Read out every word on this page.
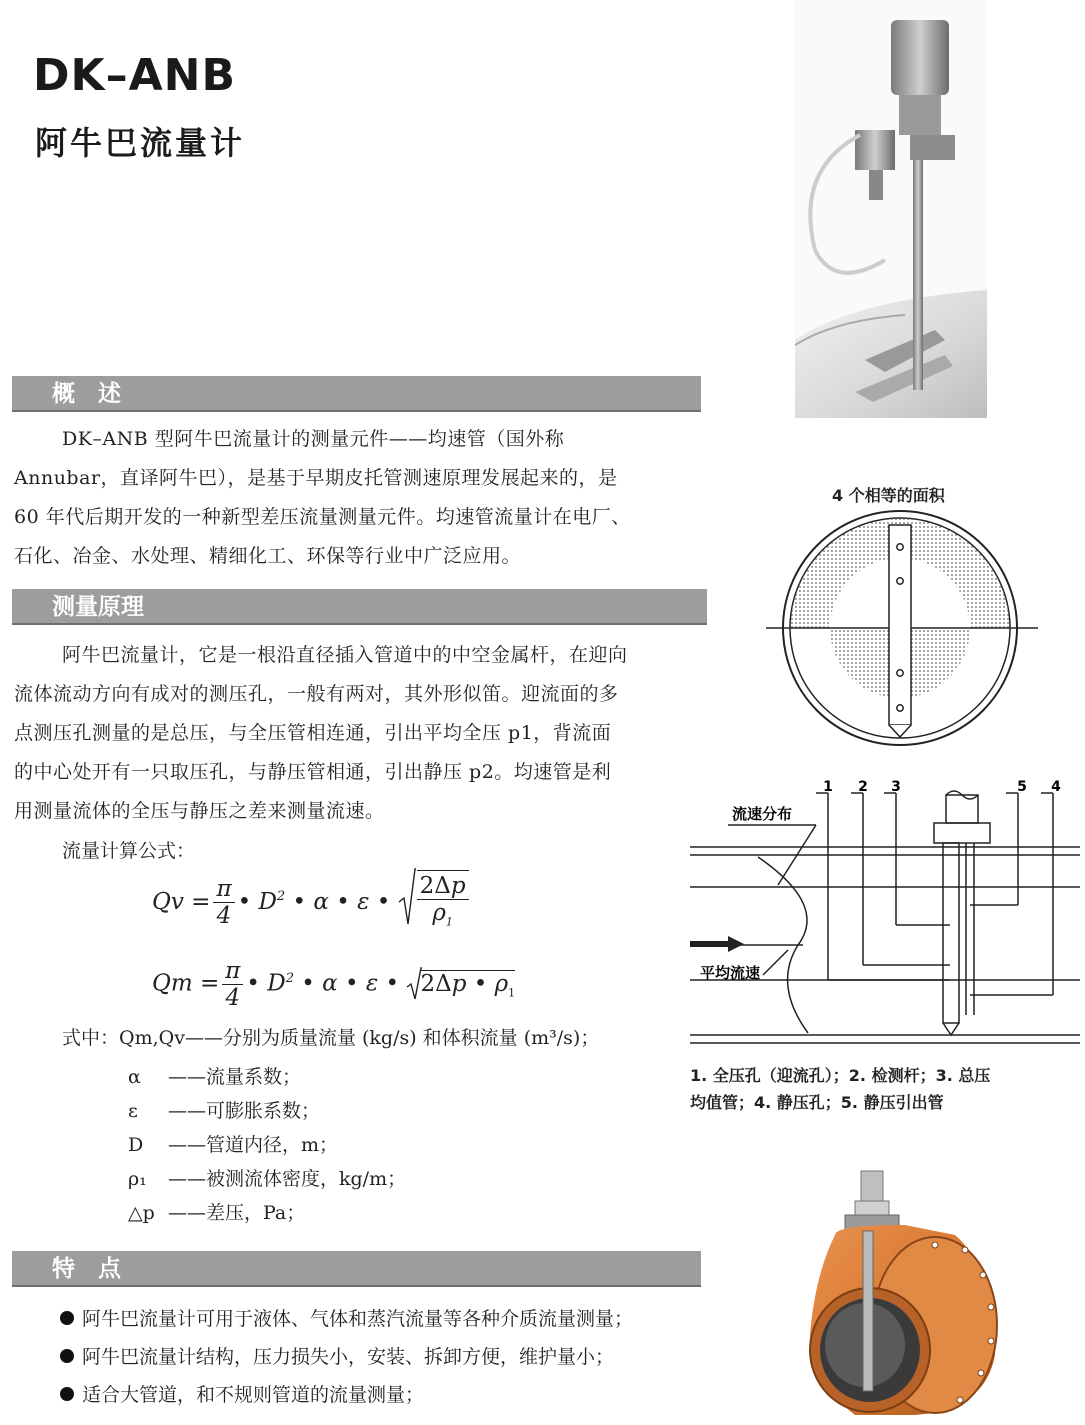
DK–ANB
阿牛巴流量计
概　述
DK–ANB 型阿牛巴流量计的测量元件——均速管（国外称
Annubar，直译阿牛巴），是基于早期皮托管测速原理发展起来的，是
60 年代后期开发的一种新型差压流量测量元件。均速管流量计在电厂、
石化、冶金、水处理、精细化工、环保等行业中广泛应用。
测量原理
阿牛巴流量计，它是一根沿直径插入管道中的中空金属杆，在迎向
流体流动方向有成对的测压孔，一般有两对，其外形似笛。迎流面的多
点测压孔测量的是总压，与全压管相连通，引出平均全压 p1，背流面
的中心处开有一只取压孔，与静压管相通，引出静压 p2。均速管是利
用测量流体的全压与静压之差来测量流速。
流量计算公式：
$Qv = \frac{\pi}{4}$ • $D^2$ • α • ε • $\frac{2\Delta p}{\rho_1}$
$Qm = \frac{\pi}{4}$ • $D^2$ • α • ε •
2Δp • $\rho_1$
式中：Qm,Qv——分别为质量流量 (kg/s) 和体积流量 (m³/s)；
α ——流量系数；
ε ——可膨胀系数；
D ——管道内径，m；
ρ₁ ——被测流体密度，kg/m；
△p ——差压，Pa；
特　点
阿牛巴流量计可用于液体、气体和蒸汽流量等各种介质流量测量；
阿牛巴流量计结构，压力损失小，安装、拆卸方便，维护量小；
适合大管道，和不规则管道的流量测量；
4 个相等的面积
1 2 3	5 4
流速分布
平均流速
1. 全压孔（迎流孔）；2. 检测杆；3. 总压
均值管；4. 静压孔；5. 静压引出管
